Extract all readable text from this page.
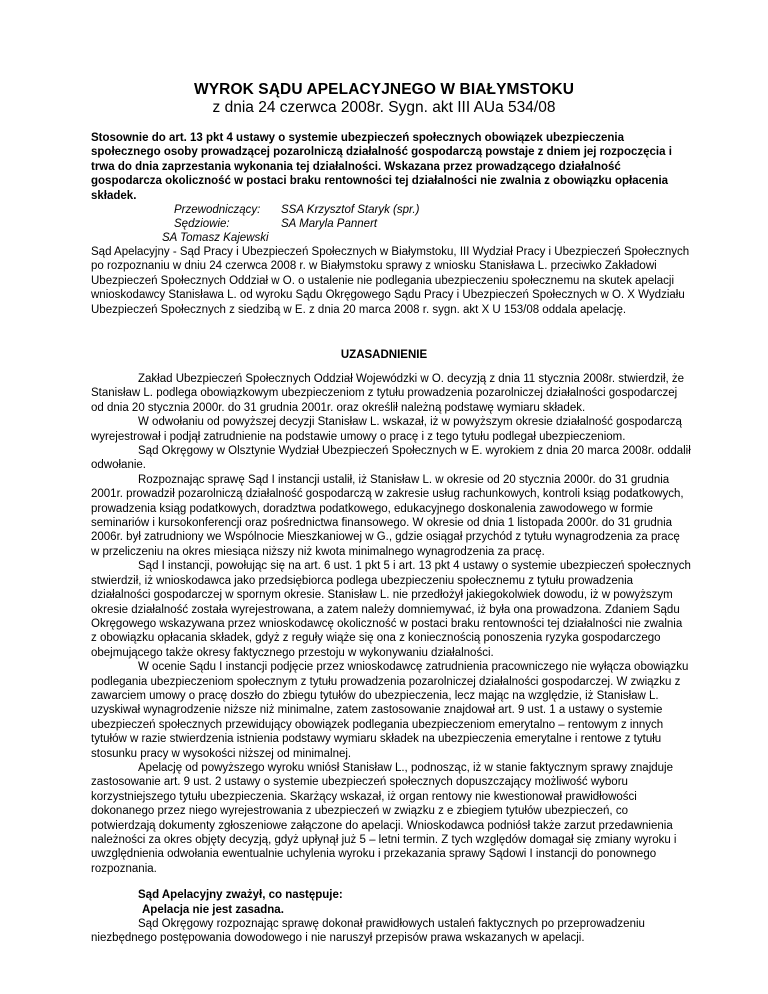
WYROK SĄDU APELACYJNEGO W BIAŁYMSTOKU
z dnia 24 czerwca 2008r. Sygn. akt III AUa 534/08
Stosownie do art. 13 pkt 4 ustawy o systemie ubezpieczeń społecznych obowiązek ubezpieczenia społecznego osoby prowadzącej pozarolniczą działalność gospodarczą powstaje z dniem jej rozpoczęcia i trwa do dnia zaprzestania wykonania tej działalności. Wskazana przez prowadzącego działalność gospodarcza okoliczność w postaci braku rentowności tej działalności nie zwalnia z obowiązku opłacenia składek.
Przewodniczący: SSA Krzysztof Staryk (spr.)
Sędziowie:	SA Maryla Pannert
SA Tomasz Kajewski
Sąd Apelacyjny - Sąd Pracy i Ubezpieczeń Społecznych w Białymstoku, III Wydział Pracy i Ubezpieczeń Społecznych po rozpoznaniu w dniu 24 czerwca 2008 r. w Białymstoku sprawy z wniosku Stanisława L. przeciwko Zakładowi Ubezpieczeń Społecznych Oddział w O. o ustalenie nie podlegania ubezpieczeniu społecznemu na skutek apelacji wnioskodawcy Stanisława L. od wyroku Sądu Okręgowego Sądu Pracy i Ubezpieczeń Społecznych w O. X Wydziału Ubezpieczeń Społecznych z siedzibą w E. z dnia 20 marca 2008 r. sygn. akt X U 153/08 oddala apelację.
UZASADNIENIE

Zakład Ubezpieczeń Społecznych Oddział Wojewódzki w O. decyzją z dnia 11 stycznia 2008r. stwierdził, że Stanisław L. podlega obowiązkowym ubezpieczeniom z tytułu prowadzenia pozarolniczej działalności gospodarczej od dnia 20 stycznia 2000r. do 31 grudnia 2001r. oraz określił należną podstawę wymiaru składek.

W odwołaniu od powyższej decyzji Stanisław L. wskazał, iż w powyższym okresie działalność gospodarczą wyrejestrował i podjął zatrudnienie na podstawie umowy o pracę i z tego tytułu podlegał ubezpieczeniom.

Sąd Okręgowy w Olsztynie Wydział Ubezpieczeń Społecznych w E. wyrokiem z dnia 20 marca 2008r. oddalił odwołanie.

Rozpoznając sprawę Sąd I instancji ustalił, iż Stanisław L. w okresie od 20 stycznia 2000r. do 31 grudnia 2001r. prowadził pozarolniczą działalność gospodarczą w zakresie usług rachunkowych, kontroli ksiąg podatkowych, prowadzenia ksiąg podatkowych, doradztwa podatkowego, edukacyjnego doskonalenia zawodowego w formie seminariów i kursokonferencji oraz pośrednictwa finansowego. W okresie od dnia 1 listopada 2000r. do 31 grudnia 2006r. był zatrudniony we Wspólnocie Mieszkaniowej w G., gdzie osiągał przychód z tytułu wynagrodzenia za pracę w przeliczeniu na okres miesiąca niższy niż kwota minimalnego wynagrodzenia za pracę.

Sąd I instancji, powołując się na art. 6 ust. 1 pkt 5 i art. 13 pkt 4 ustawy o systemie ubezpieczeń społecznych stwierdził, iż wnioskodawca jako przedsiębiorca podlega ubezpieczeniu społecznemu z tytułu prowadzenia działalności gospodarczej w spornym okresie. Stanisław L. nie przedłożył jakiegokolwiek dowodu, iż w powyższym okresie działalność została wyrejestrowana, a zatem należy domniemywać, iż była ona prowadzona. Zdaniem Sądu Okręgowego wskazywana przez wnioskodawcę okoliczność w postaci braku rentowności tej działalności nie zwalnia z obowiązku opłacania składek, gdyż z reguły wiąże się ona z koniecznością ponoszenia ryzyka gospodarczego obejmującego także okresy faktycznego przestoju w wykonywaniu działalności.

W ocenie Sądu I instancji podjęcie przez wnioskodawcę zatrudnienia pracowniczego nie wyłącza obowiązku podlegania ubezpieczeniom społecznym z tytułu prowadzenia pozarolniczej działalności gospodarczej. W związku z zawarciem umowy o pracę doszło do zbiegu tytułów do ubezpieczenia, lecz mając na względzie, iż Stanisław L. uzyskiwał wynagrodzenie niższe niż minimalne, zatem zastosowanie znajdował art. 9 ust. 1 a ustawy o systemie ubezpieczeń społecznych przewidujący obowiązek podlegania ubezpieczeniom emerytalno – rentowym z innych tytułów w razie stwierdzenia istnienia podstawy wymiaru składek na ubezpieczenia emerytalne i rentowe z tytułu stosunku pracy w wysokości niższej od minimalnej.

Apelację od powyższego wyroku wniósł Stanisław L., podnosząc, iż w stanie faktycznym sprawy znajduje zastosowanie art. 9 ust. 2 ustawy o systemie ubezpieczeń społecznych dopuszczający możliwość wyboru korzystniejszego tytułu ubezpieczenia. Skarżący wskazał, iż organ rentowy nie kwestionował prawidłowości dokonanego przez niego wyrejestrowania z ubezpieczeń w związku z e zbiegiem tytułów ubezpieczeń, co potwierdzają dokumenty zgłoszeniowe załączone do apelacji. Wnioskodawca podniósł także zarzut przedawnienia należności za okres objęty decyzją, gdyż upłynął już 5 – letni termin. Z tych względów domagał się zmiany wyroku i uwzględnienia odwołania ewentualnie uchylenia wyroku i przekazania sprawy Sądowi I instancji do ponownego rozpoznania.

Sąd Apelacyjny zważył, co następuje:

Apelacja nie jest zasadna.

Sąd Okręgowy rozpoznając sprawę dokonał prawidłowych ustaleń faktycznych po przeprowadzeniu niezbędnego postępowania dowodowego i nie naruszył przepisów prawa wskazanych w apelacji.
